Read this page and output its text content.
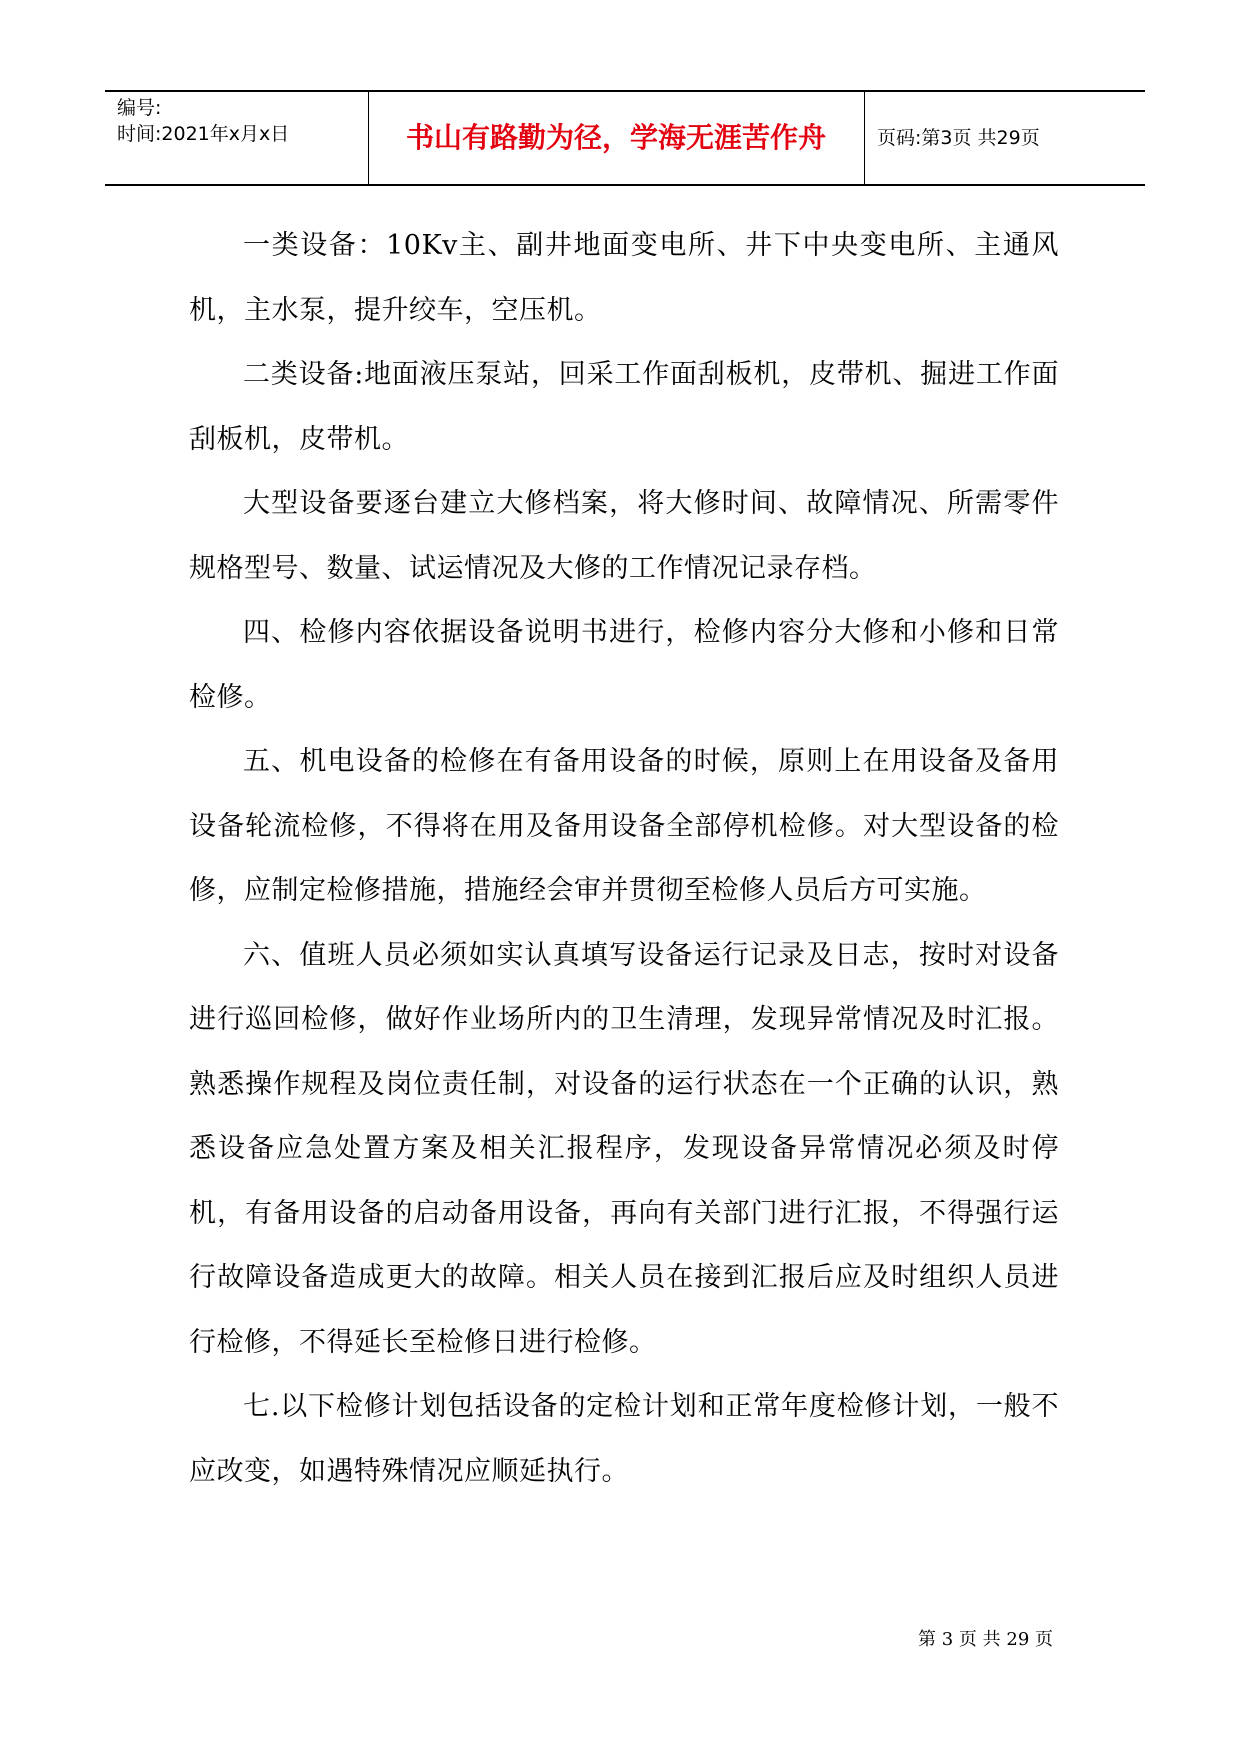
编号:
时间:2021年x月x日	书山有路勤为径，学海无涯苦作舟	页码:第3页 共29页

一类设备：10Kv主、副井地面变电所、井下中央变电所、主通风机，主水泵，提升绞车，空压机。

二类设备:地面液压泵站，回采工作面刮板机，皮带机、掘进工作面刮板机，皮带机。

大型设备要逐台建立大修档案，将大修时间、故障情况、所需零件规格型号、数量、试运情况及大修的工作情况记录存档。

四、检修内容依据设备说明书进行，检修内容分大修和小修和日常检修。

五、机电设备的检修在有备用设备的时候，原则上在用设备及备用设备轮流检修，不得将在用及备用设备全部停机检修。对大型设备的检修，应制定检修措施，措施经会审并贯彻至检修人员后方可实施。

六、值班人员必须如实认真填写设备运行记录及日志，按时对设备进行巡回检修，做好作业场所内的卫生清理，发现异常情况及时汇报。熟悉操作规程及岗位责任制，对设备的运行状态在一个正确的认识，熟悉设备应急处置方案及相关汇报程序，发现设备异常情况必须及时停机，有备用设备的启动备用设备，再向有关部门进行汇报，不得强行运行故障设备造成更大的故障。相关人员在接到汇报后应及时组织人员进行检修，不得延长至检修日进行检修。

七.以下检修计划包括设备的定检计划和正常年度检修计划，一般不应改变，如遇特殊情况应顺延执行。

第 3 页 共 29 页
